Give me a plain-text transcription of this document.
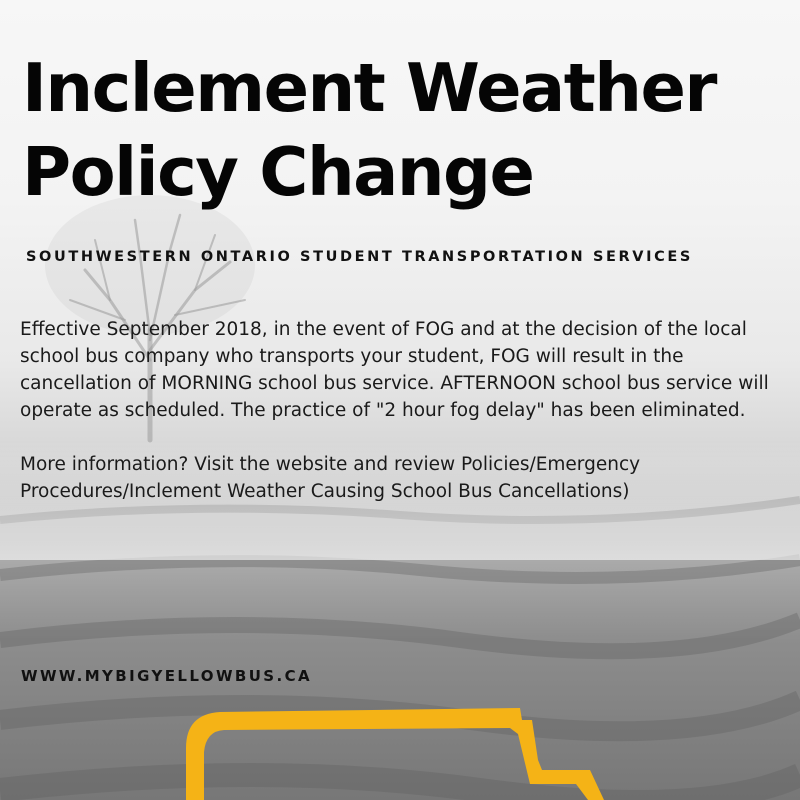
Inclement Weather Policy Change
SOUTHWESTERN ONTARIO STUDENT TRANSPORTATION SERVICES

Effective September 2018, in the event of FOG and at the decision of the local school bus company who transports your student, FOG will result in the cancellation of MORNING school bus service. AFTERNOON school bus service will operate as scheduled. The practice of "2 hour fog delay" has been eliminated.

More information? Visit the website and review Policies/Emergency Procedures/Inclement Weather Causing School Bus Cancellations)

WWW.MYBIGYELLOWBUS.CA
